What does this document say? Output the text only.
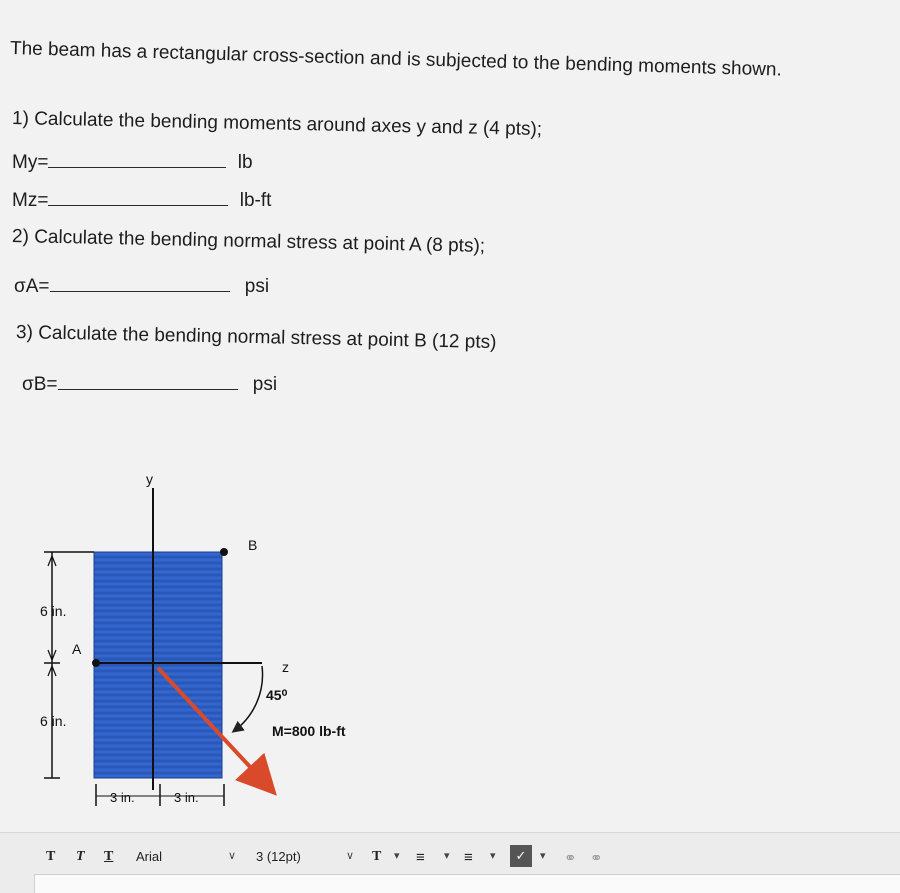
The beam has a rectangular cross-section and is subjected to the bending moments shown.
1) Calculate the bending moments around axes y and z (4 pts);
My=	lb
Mz=	lb-ft
2) Calculate the bending normal stress at point A (8 pts);
σA=	psi
3) Calculate the bending normal stress at point B (12 pts)
σB=	psi
y
z
B
A
6 in.
6 in.
45⁰
M=800 lb-ft
3 in.	3 in.
T T T Arial	∨ 3 (12pt)	∨ T ▾ ≡ ▾ ≡ ▾	✓	▾ ⚭ ⚭
